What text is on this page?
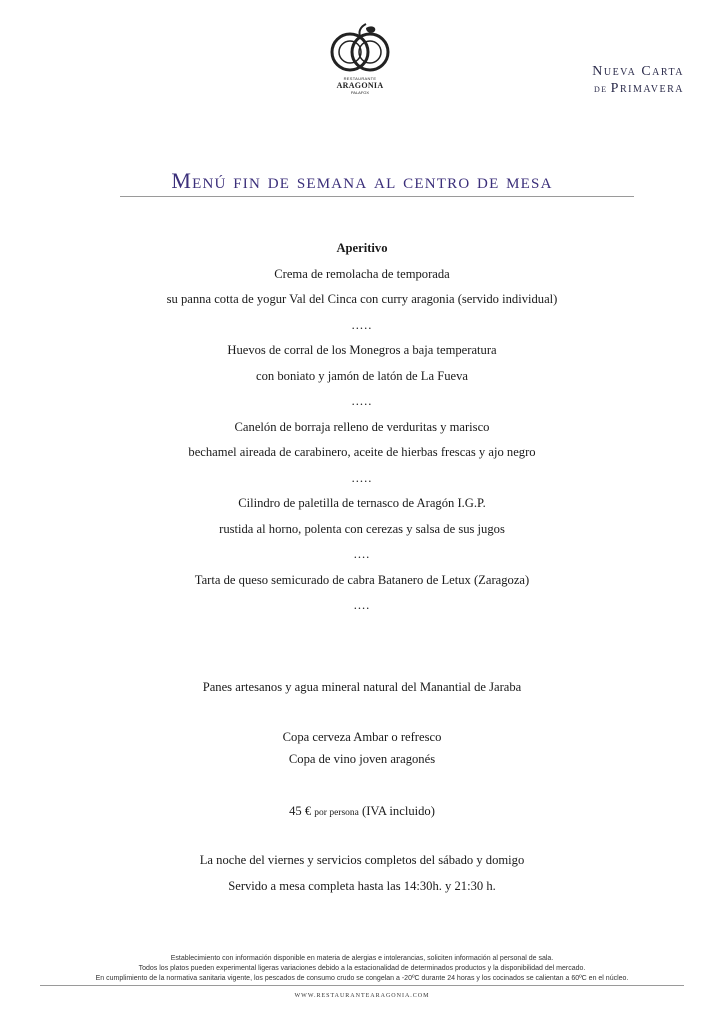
RESTAURANTE
ARAGONIA
PALAFOX
Nueva Carta
de Primavera
Menú fin de semana al centro de mesa
Aperitivo
Crema de remolacha de temporada
su panna cotta de yogur Val del Cinca con curry aragonia (servido individual)
.....
Huevos de corral de los Monegros a baja temperatura
con boniato y jamón de latón de La Fueva
.....
Canelón de borraja relleno de verduritas y marisco
bechamel aireada de carabinero, aceite de hierbas frescas y ajo negro
.....
Cilindro de paletilla de ternasco de Aragón I.G.P.
rustida al horno, polenta con cerezas y salsa de sus jugos
....
Tarta de queso semicurado de cabra Batanero de Letux (Zaragoza)
....
Panes artesanos y agua mineral natural del Manantial de Jaraba
Copa cerveza Ambar o refresco
Copa de vino joven aragonés
45 € por persona (IVA incluido)
La noche del viernes y servicios completos del sábado y domigo
Servido a mesa completa hasta las 14:30h. y 21:30 h.
Establecimiento con información disponible en materia de alergias e intolerancias, soliciten información al personal de sala.
Todos los platos pueden experimental ligeras variaciones debido a la estacionalidad de determinados productos y la disponibilidad del mercado.
En cumplimiento de la normativa sanitaria vigente, los pescados de consumo crudo se congelan a -20ºC durante 24 horas y los cocinados se calientan a 60ºC en el núcleo.
WWW.RESTAURANTEARAGONIA.COM
